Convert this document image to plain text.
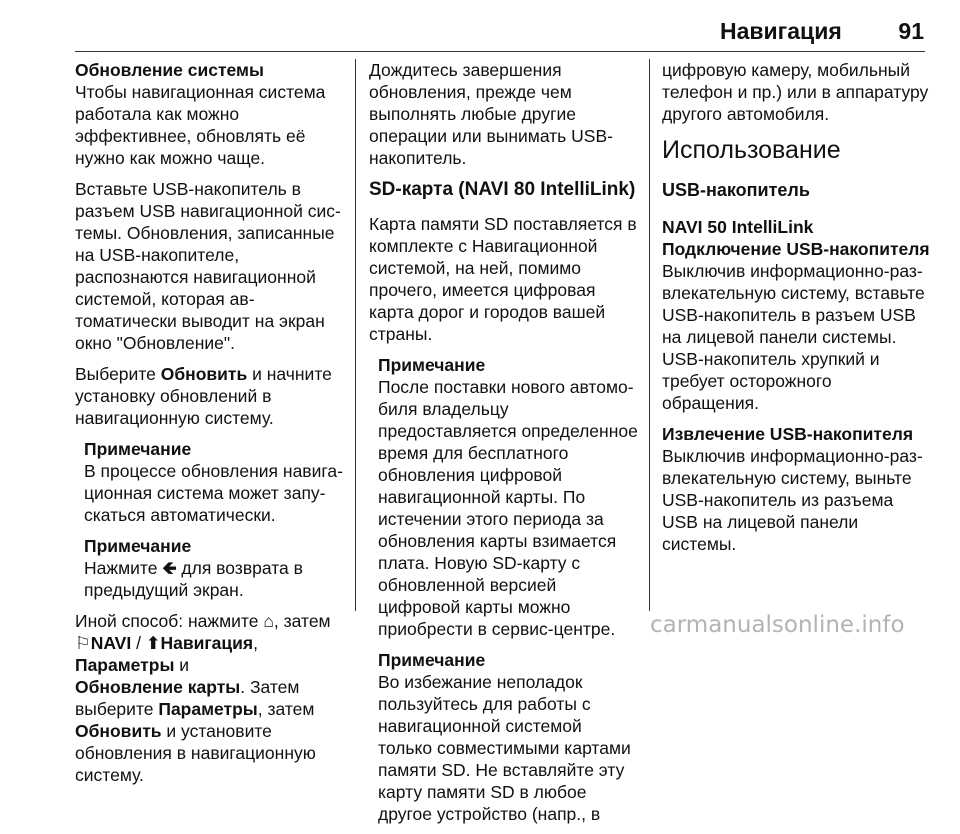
Навигация 91

Обновление системы

Чтобы навигационная система работала как можно эффективнее, обновлять её нужно как можно чаще.

Вставьте USB-накопитель в разъем USB навигационной системы. Обновления, записанные на USB-накопителе, распознаются навигационной системой, которая автоматически выводит на экран окно "Обновление".

Выберите Обновить и начните установку обновлений в навигационную систему.

Примечание
В процессе обновления навигационная система может запускаться автоматически.
Примечание
Нажмите 🡸 для возврата в предыдущий экран.

Иной способ: нажмите ⌂, затем
⚐NAVI / ⬆Навигация, Параметры и
Обновление карты. Затем выберите Параметры, затем Обновить и установите обновления в навигационную систему.

Дождитесь завершения обновления, прежде чем выполнять любые другие операции или вынимать USB-накопитель.

SD-карта (NAVI 80 IntelliLink)

Карта памяти SD поставляется в комплекте с Навигационной системой, на ней, помимо прочего, имеется цифровая карта дорог и городов вашей страны.

Примечание
После поставки нового автомобиля владельцу предоставляется определенное время для бесплатного обновления цифровой навигационной карты. По истечении этого периода за обновления карты взимается плата. Новую SD-карту с обновленной версией цифровой карты можно приобрести в сервис-центре.
Примечание
Во избежание неполадок пользуйтесь для работы с навигационной системой только совместимыми картами памяти SD. Не вставляйте эту карту памяти SD в любое другое устройство (напр., в

цифровую камеру, мобильный телефон и пр.) или в аппаратуру другого автомобиля.

Использование
USB-накопитель

NAVI 50 IntelliLink

Подключение USB-накопителя

Выключив информационно-развлекательную систему, вставьте USB-накопитель в разъем USB на лицевой панели системы. USB-накопитель хрупкий и требует осторожного обращения.

Извлечение USB-накопителя

Выключив информационно-развлекательную систему, выньте USB-накопитель из разъема USB на лицевой панели системы.

carmanualsonline.info
